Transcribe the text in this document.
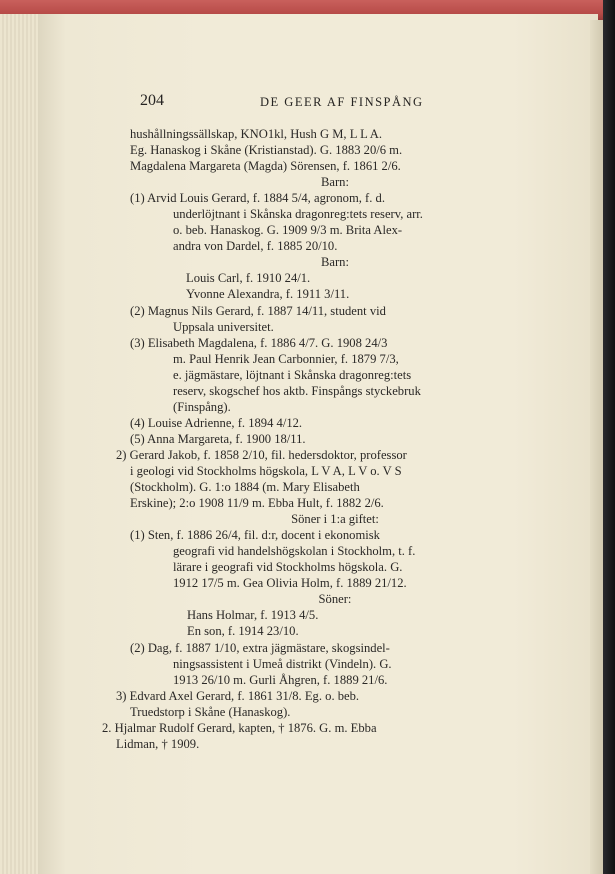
204	DE GEER AF FINSPÅNG
hushållningssällskap, KNO1kl, Hush G M, L L A.
Eg. Hanaskog i Skåne (Kristianstad). G. 1883 20/6 m.
Magdalena Margareta (Magda) Sörensen, f. 1861 2/6.
Barn:
(1) Arvid Louis Gerard, f. 1884 5/4, agronom, f. d.
underlöjtnant i Skånska dragonreg:tets reserv, arr.
o. beb. Hanaskog. G. 1909 9/3 m. Brita Alex-
andra von Dardel, f. 1885 20/10.
Barn:
Louis Carl, f. 1910 24/1.
Yvonne Alexandra, f. 1911 3/11.
(2) Magnus Nils Gerard, f. 1887 14/11, student vid
Uppsala universitet.
(3) Elisabeth Magdalena, f. 1886 4/7. G. 1908 24/3
m. Paul Henrik Jean Carbonnier, f. 1879 7/3,
e. jägmästare, löjtnant i Skånska dragonreg:tets
reserv, skogschef hos aktb. Finspångs styckebruk
(Finspång).
(4) Louise Adrienne, f. 1894 4/12.
(5) Anna Margareta, f. 1900 18/11.
2) Gerard Jakob, f. 1858 2/10, fil. hedersdoktor, professor
i geologi vid Stockholms högskola, L V A, L V o. V S
(Stockholm). G. 1:o 1884 (m. Mary Elisabeth
Erskine); 2:o 1908 11/9 m. Ebba Hult, f. 1882 2/6.
Söner i 1:a giftet:
(1) Sten, f. 1886 26/4, fil. d:r, docent i ekonomisk
geografi vid handelshögskolan i Stockholm, t. f.
lärare i geografi vid Stockholms högskola. G.
1912 17/5 m. Gea Olivia Holm, f. 1889 21/12.
Söner:
Hans Holmar, f. 1913 4/5.
En son, f. 1914 23/10.
(2) Dag, f. 1887 1/10, extra jägmästare, skogsindel-
ningsassistent i Umeå distrikt (Vindeln). G.
1913 26/10 m. Gurli Åhgren, f. 1889 21/6.
3) Edvard Axel Gerard, f. 1861 31/8. Eg. o. beb.
Truedstorp i Skåne (Hanaskog).
2. Hjalmar Rudolf Gerard, kapten, † 1876. G. m. Ebba
Lidman, † 1909.
